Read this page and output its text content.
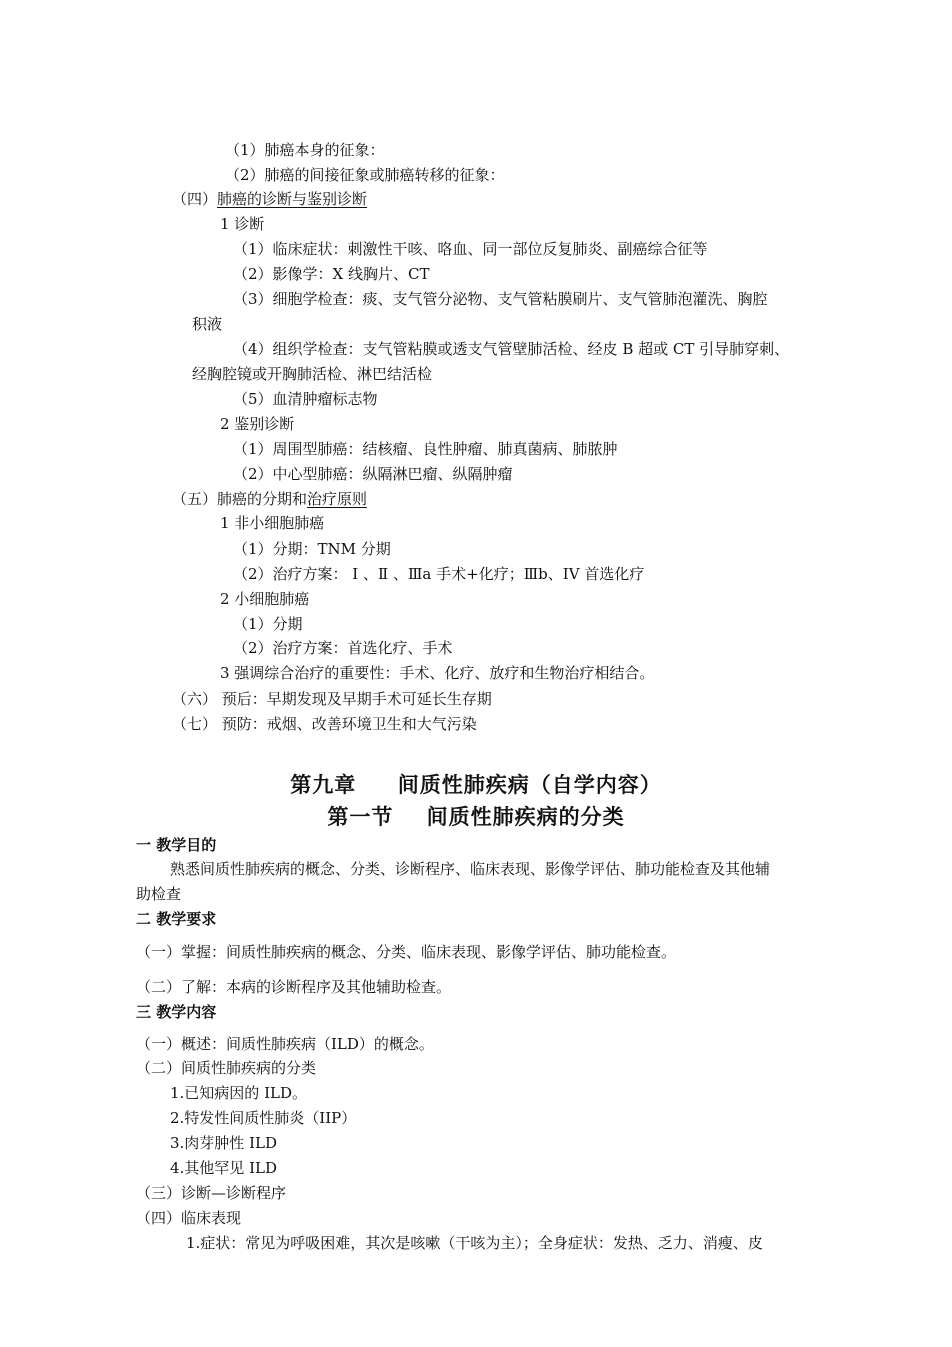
（1）肺癌本身的征象：
（2）肺癌的间接征象或肺癌转移的征象：
（四）肺癌的诊断与鉴别诊断
1 诊断
（1）临床症状：刺激性干咳、咯血、同一部位反复肺炎、副癌综合征等
（2）影像学：X 线胸片、CT
（3）细胞学检查：痰、支气管分泌物、支气管粘膜刷片、支气管肺泡灌洗、胸腔
积液
（4）组织学检查：支气管粘膜或透支气管壁肺活检、经皮 B 超或 CT 引导肺穿刺、
经胸腔镜或开胸肺活检、淋巴结活检
（5）血清肿瘤标志物
2 鉴别诊断
（1）周围型肺癌：结核瘤、良性肿瘤、肺真菌病、肺脓肿
（2）中心型肺癌：纵隔淋巴瘤、纵隔肿瘤
（五）肺癌的分期和治疗原则
1 非小细胞肺癌
（1）分期：TNM 分期
（2）治疗方案： Ⅰ 、Ⅱ 、Ⅲa 手术+化疗；Ⅲb、IV 首选化疗
2 小细胞肺癌
（1）分期
（2）治疗方案：首选化疗、手术
3 强调综合治疗的重要性：手术、化疗、放疗和生物治疗相结合。
（六） 预后：早期发现及早期手术可延长生存期
（七） 预防：戒烟、改善环境卫生和大气污染
第九章     间质性肺疾病（自学内容）
第一节    间质性肺疾病的分类
一 教学目的
熟悉间质性肺疾病的概念、分类、诊断程序、临床表现、影像学评估、肺功能检查及其他辅
助检查
二 教学要求
（一）掌握：间质性肺疾病的概念、分类、临床表现、影像学评估、肺功能检查。
（二）了解：本病的诊断程序及其他辅助检查。
三 教学内容
（一）概述：间质性肺疾病（ILD）的概念。
（二）间质性肺疾病的分类
1.已知病因的 ILD。
2.特发性间质性肺炎（IIP）
3.肉芽肿性 ILD
4.其他罕见 ILD
（三）诊断—诊断程序
（四）临床表现
1.症状：常见为呼吸困难，其次是咳嗽（干咳为主）；全身症状：发热、乏力、消瘦、皮
